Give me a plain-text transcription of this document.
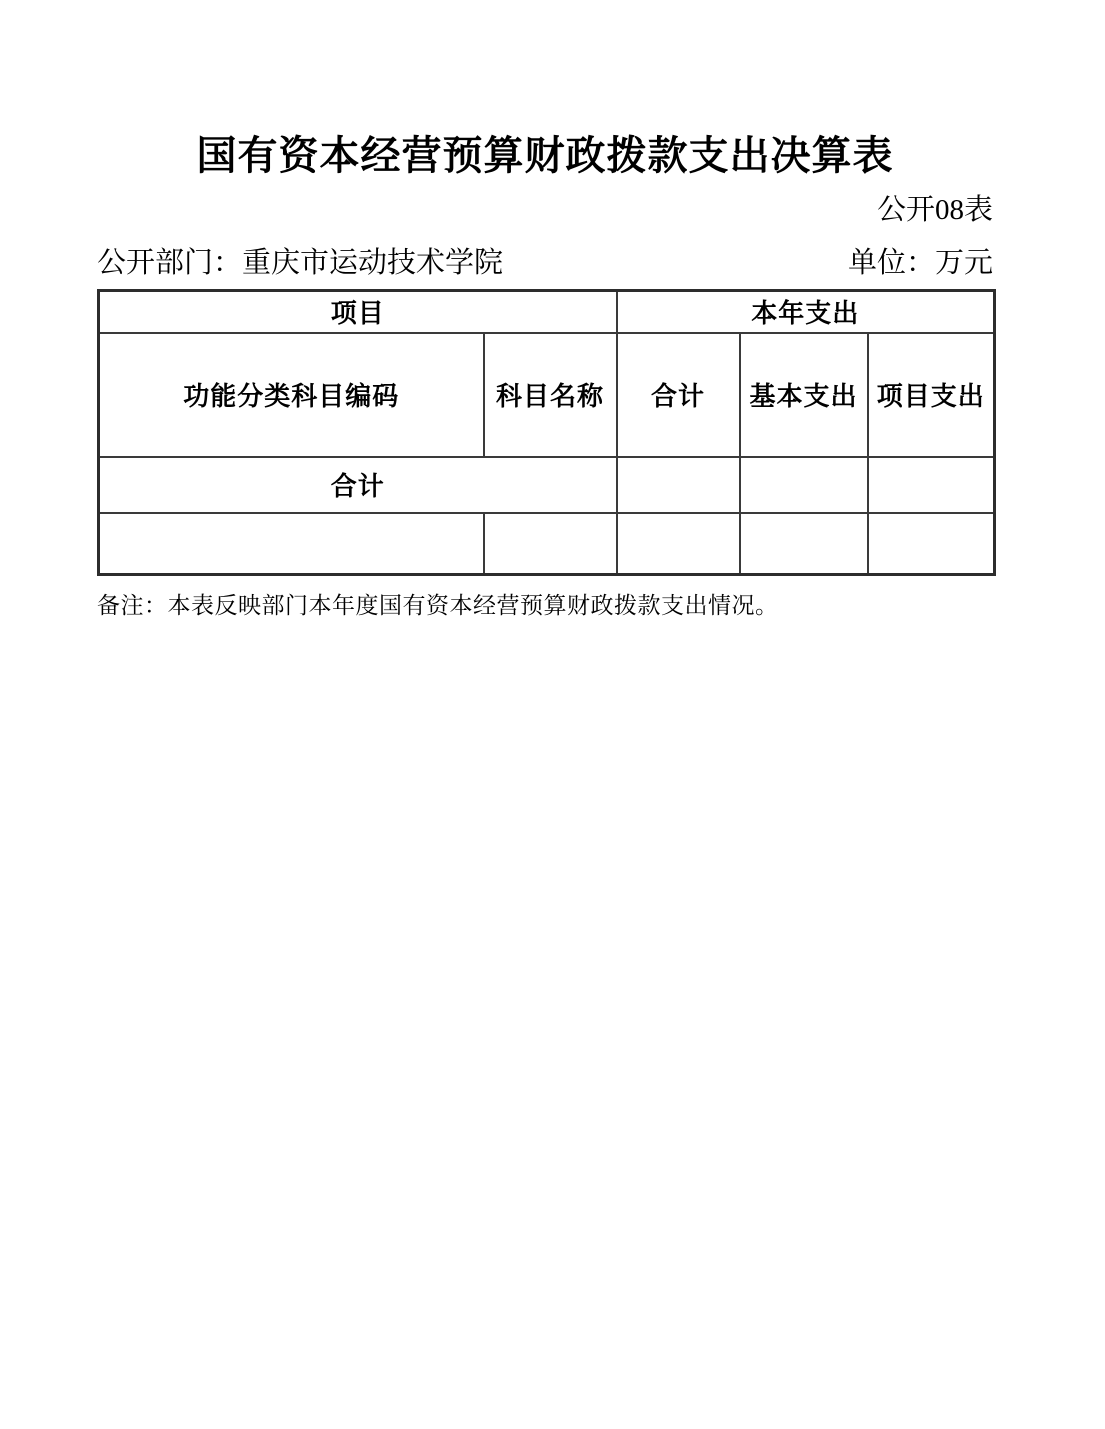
国有资本经营预算财政拨款支出决算表
公开08表
公开部门：重庆市运动技术学院	单位：万元
项目		本年支出		
功能分类科目编码	科目名称	合计	基本支出	项目支出
合计				

备注：本表反映部门本年度国有资本经营预算财政拨款支出情况。
